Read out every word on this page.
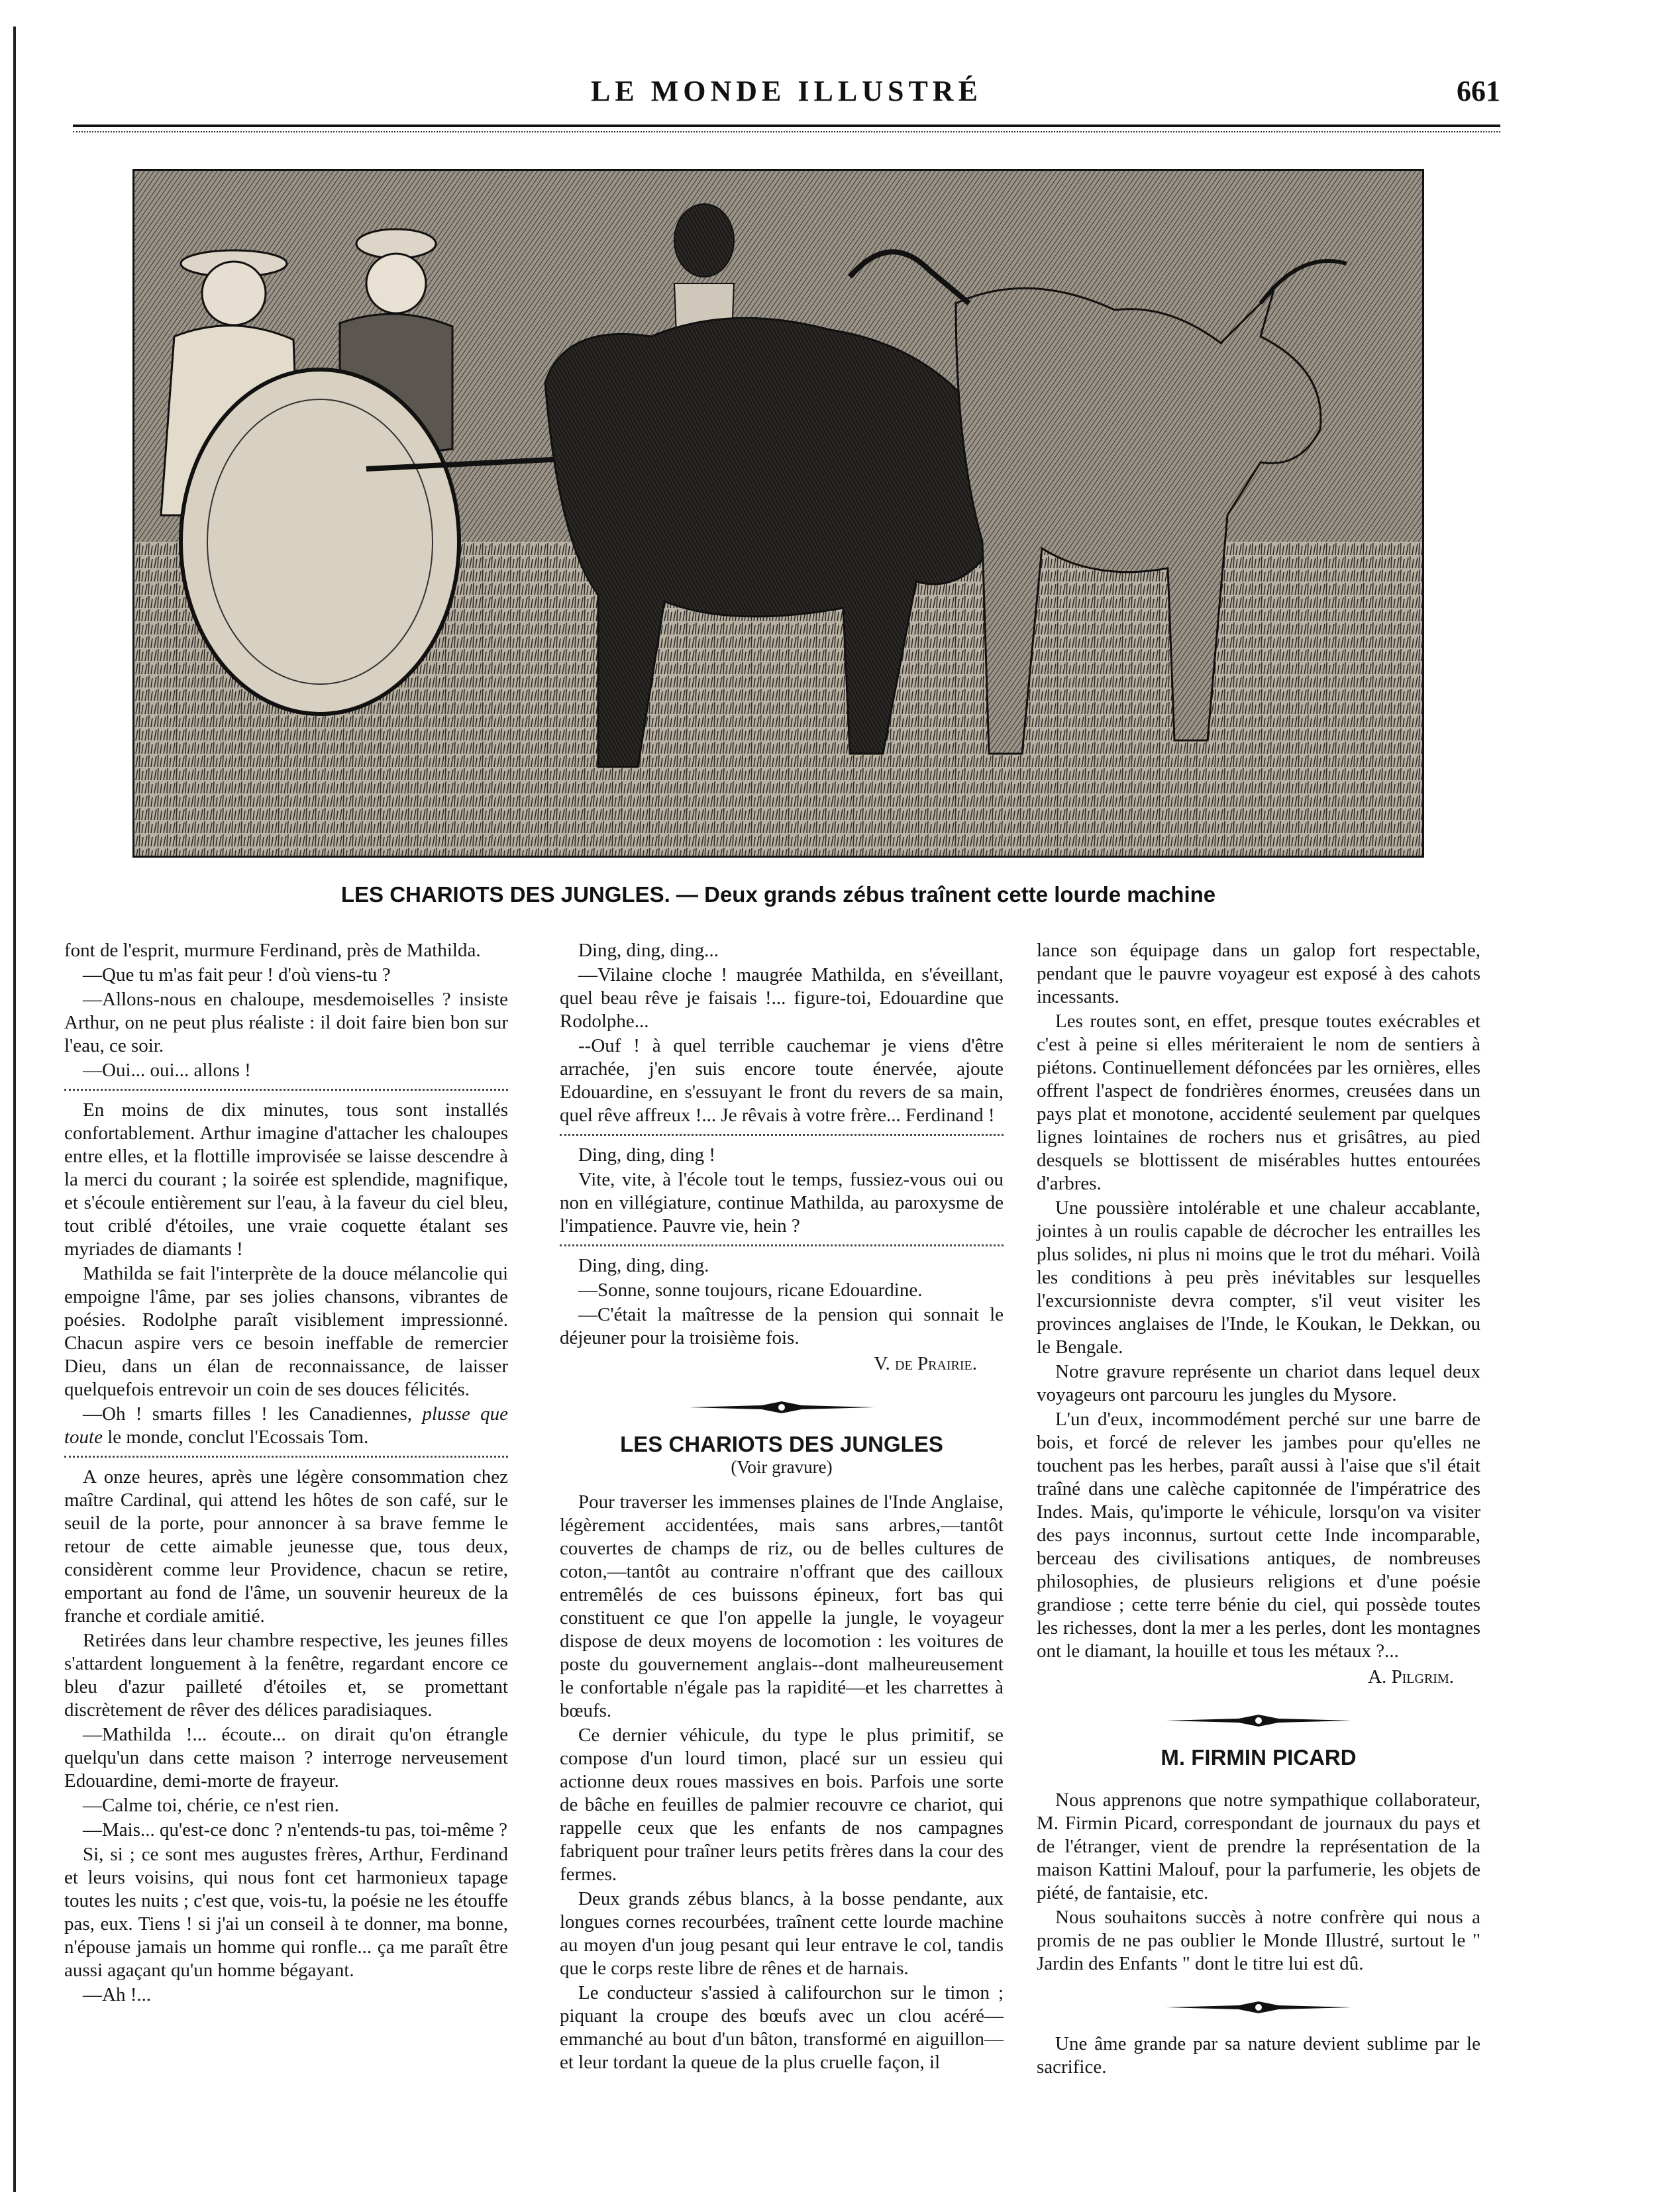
LE MONDE ILLUSTRÉ	661
LES CHARIOTS DES JUNGLES. — Deux grands zébus traînent cette lourde machine

font de l'esprit, murmure Ferdinand, près de Mathilda.

—Que tu m'as fait peur ! d'où viens-tu ?

—Allons-nous en chaloupe, mesdemoiselles ? insiste Arthur, on ne peut plus réaliste : il doit faire bien bon sur l'eau, ce soir.

—Oui... oui... allons !

En moins de dix minutes, tous sont installés confortablement. Arthur imagine d'attacher les chaloupes entre elles, et la flottille improvisée se laisse descendre à la merci du courant ; la soirée est splendide, magnifique, et s'écoule entièrement sur l'eau, à la faveur du ciel bleu, tout criblé d'étoiles, une vraie coquette étalant ses myriades de diamants !

Mathilda se fait l'interprète de la douce mélancolie qui empoigne l'âme, par ses jolies chansons, vibrantes de poésies. Rodolphe paraît visiblement impressionné. Chacun aspire vers ce besoin ineffable de remercier Dieu, dans un élan de reconnaissance, de laisser quelquefois entrevoir un coin de ses douces félicités.

—Oh ! smarts filles ! les Canadiennes, plusse que toute le monde, conclut l'Ecossais Tom.

A onze heures, après une légère consommation chez maître Cardinal, qui attend les hôtes de son café, sur le seuil de la porte, pour annoncer à sa brave femme le retour de cette aimable jeunesse que, tous deux, considèrent comme leur Providence, chacun se retire, emportant au fond de l'âme, un souvenir heureux de la franche et cordiale amitié.

Retirées dans leur chambre respective, les jeunes filles s'attardent longuement à la fenêtre, regardant encore ce bleu d'azur pailleté d'étoiles et, se promettant discrètement de rêver des délices paradisiaques.

—Mathilda !... écoute... on dirait qu'on étrangle quelqu'un dans cette maison ? interroge nerveusement Edouardine, demi-morte de frayeur.

—Calme toi, chérie, ce n'est rien.

—Mais... qu'est-ce donc ? n'entends-tu pas, toi-même ?

Si, si ; ce sont mes augustes frères, Arthur, Ferdinand et leurs voisins, qui nous font cet harmonieux tapage toutes les nuits ; c'est que, vois-tu, la poésie ne les étouffe pas, eux. Tiens ! si j'ai un conseil à te donner, ma bonne, n'épouse jamais un homme qui ronfle... ça me paraît être aussi agaçant qu'un homme bégayant.

—Ah !...

Ding, ding, ding...

—Vilaine cloche ! maugrée Mathilda, en s'éveillant, quel beau rêve je faisais !... figure-toi, Edouardine que Rodolphe...

--Ouf ! à quel terrible cauchemar je viens d'être arrachée, j'en suis encore toute énervée, ajoute Edouardine, en s'essuyant le front du revers de sa main, quel rêve affreux !... Je rêvais à votre frère... Ferdinand !

Ding, ding, ding !

Vite, vite, à l'école tout le temps, fussiez-vous oui ou non en villégiature, continue Mathilda, au paroxysme de l'impatience. Pauvre vie, hein ?

Ding, ding, ding.

—Sonne, sonne toujours, ricane Edouardine.

—C'était la maîtresse de la pension qui sonnait le déjeuner pour la troisième fois.

V. de Prairie.
LES CHARIOTS DES JUNGLES
(Voir gravure)

Pour traverser les immenses plaines de l'Inde Anglaise, légèrement accidentées, mais sans arbres,—tantôt couvertes de champs de riz, ou de belles cultures de coton,—tantôt au contraire n'offrant que des cailloux entremêlés de ces buissons épineux, fort bas qui constituent ce que l'on appelle la jungle, le voyageur dispose de deux moyens de locomotion : les voitures de poste du gouvernement anglais--dont malheureusement le confortable n'égale pas la rapidité—et les charrettes à bœufs.

Ce dernier véhicule, du type le plus primitif, se compose d'un lourd timon, placé sur un essieu qui actionne deux roues massives en bois. Parfois une sorte de bâche en feuilles de palmier recouvre ce chariot, qui rappelle ceux que les enfants de nos campagnes fabriquent pour traîner leurs petits frères dans la cour des fermes.

Deux grands zébus blancs, à la bosse pendante, aux longues cornes recourbées, traînent cette lourde machine au moyen d'un joug pesant qui leur entrave le col, tandis que le corps reste libre de rênes et de harnais.

Le conducteur s'assied à califourchon sur le timon ; piquant la croupe des bœufs avec un clou acéré—emmanché au bout d'un bâton, transformé en aiguillon—et leur tordant la queue de la plus cruelle façon, il

lance son équipage dans un galop fort respectable, pendant que le pauvre voyageur est exposé à des cahots incessants.

Les routes sont, en effet, presque toutes exécrables et c'est à peine si elles mériteraient le nom de sentiers à piétons. Continuellement défoncées par les ornières, elles offrent l'aspect de fondrières énormes, creusées dans un pays plat et monotone, accidenté seulement par quelques lignes lointaines de rochers nus et grisâtres, au pied desquels se blottissent de misérables huttes entourées d'arbres.

Une poussière intolérable et une chaleur accablante, jointes à un roulis capable de décrocher les entrailles les plus solides, ni plus ni moins que le trot du méhari. Voilà les conditions à peu près inévitables sur lesquelles l'excursionniste devra compter, s'il veut visiter les provinces anglaises de l'Inde, le Koukan, le Dekkan, ou le Bengale.

Notre gravure représente un chariot dans lequel deux voyageurs ont parcouru les jungles du Mysore.

L'un d'eux, incommodément perché sur une barre de bois, et forcé de relever les jambes pour qu'elles ne touchent pas les herbes, paraît aussi à l'aise que s'il était traîné dans une calèche capitonnée de l'impératrice des Indes. Mais, qu'importe le véhicule, lorsqu'on va visiter des pays inconnus, surtout cette Inde incomparable, berceau des civilisations antiques, de nombreuses philosophies, de plusieurs religions et d'une poésie grandiose ; cette terre bénie du ciel, qui possède toutes les richesses, dont la mer a les perles, dont les montagnes ont le diamant, la houille et tous les métaux ?...

A. Pilgrim.
M. FIRMIN PICARD

Nous apprenons que notre sympathique collaborateur, M. Firmin Picard, correspondant de journaux du pays et de l'étranger, vient de prendre la représentation de la maison Kattini Malouf, pour la parfumerie, les objets de piété, de fantaisie, etc.

Nous souhaitons succès à notre confrère qui nous a promis de ne pas oublier le Monde Illustré, surtout le " Jardin des Enfants " dont le titre lui est dû.

Une âme grande par sa nature devient sublime par le sacrifice.
